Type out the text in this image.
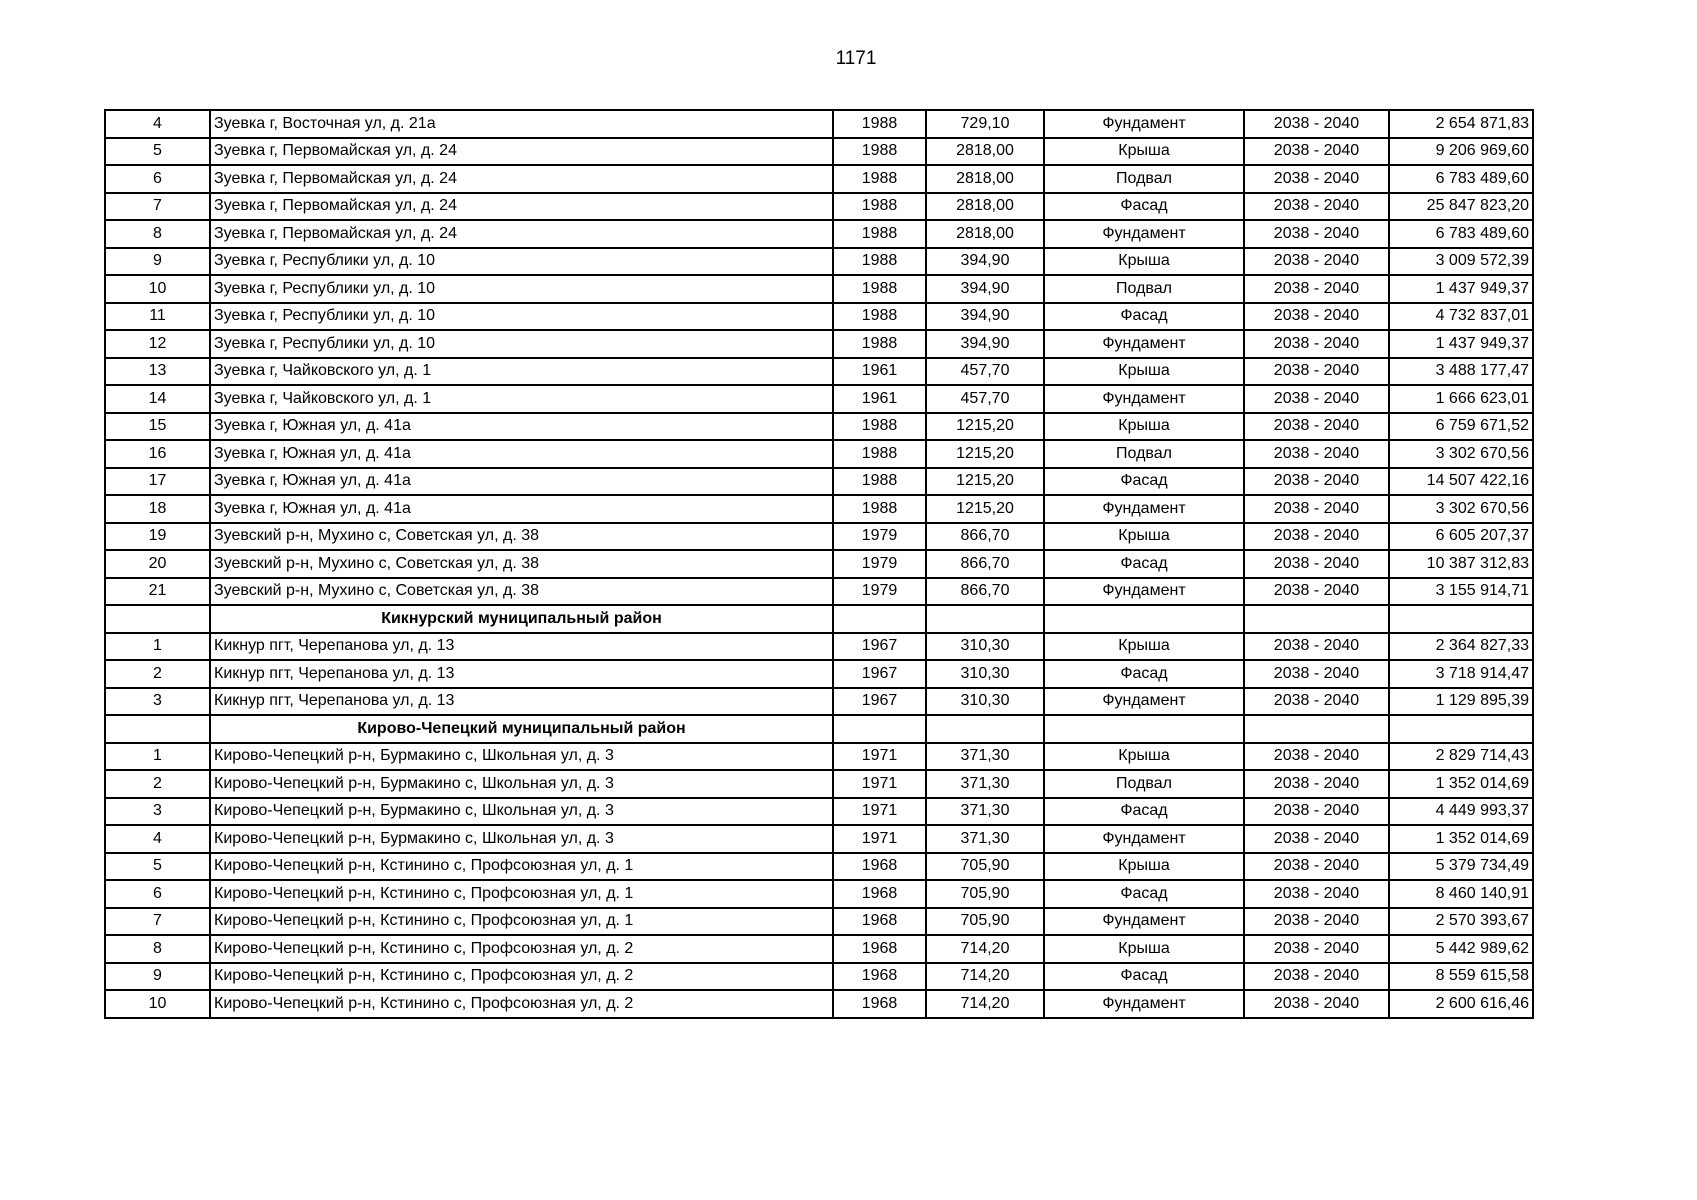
1171
4	Зуевка г, Восточная ул, д. 21а	1988	729,10	Фундамент	2038 - 2040	2 654 871,83
5	Зуевка г, Первомайская ул, д. 24	1988	2818,00	Крыша	2038 - 2040	9 206 969,60
6	Зуевка г, Первомайская ул, д. 24	1988	2818,00	Подвал	2038 - 2040	6 783 489,60
7	Зуевка г, Первомайская ул, д. 24	1988	2818,00	Фасад	2038 - 2040	25 847 823,20
8	Зуевка г, Первомайская ул, д. 24	1988	2818,00	Фундамент	2038 - 2040	6 783 489,60
9	Зуевка г, Республики ул, д. 10	1988	394,90	Крыша	2038 - 2040	3 009 572,39
10	Зуевка г, Республики ул, д. 10	1988	394,90	Подвал	2038 - 2040	1 437 949,37
11	Зуевка г, Республики ул, д. 10	1988	394,90	Фасад	2038 - 2040	4 732 837,01
12	Зуевка г, Республики ул, д. 10	1988	394,90	Фундамент	2038 - 2040	1 437 949,37
13	Зуевка г, Чайковского ул, д. 1	1961	457,70	Крыша	2038 - 2040	3 488 177,47
14	Зуевка г, Чайковского ул, д. 1	1961	457,70	Фундамент	2038 - 2040	1 666 623,01
15	Зуевка г, Южная ул, д. 41а	1988	1215,20	Крыша	2038 - 2040	6 759 671,52
16	Зуевка г, Южная ул, д. 41а	1988	1215,20	Подвал	2038 - 2040	3 302 670,56
17	Зуевка г, Южная ул, д. 41а	1988	1215,20	Фасад	2038 - 2040	14 507 422,16
18	Зуевка г, Южная ул, д. 41а	1988	1215,20	Фундамент	2038 - 2040	3 302 670,56
19	Зуевский р-н, Мухино с, Советская ул, д. 38	1979	866,70	Крыша	2038 - 2040	6 605 207,37
20	Зуевский р-н, Мухино с, Советская ул, д. 38	1979	866,70	Фасад	2038 - 2040	10 387 312,83
21	Зуевский р-н, Мухино с, Советская ул, д. 38	1979	866,70	Фундамент	2038 - 2040	3 155 914,71
	Кикнурский муниципальный район					
1	Кикнур пгт, Черепанова ул, д. 13	1967	310,30	Крыша	2038 - 2040	2 364 827,33
2	Кикнур пгт, Черепанова ул, д. 13	1967	310,30	Фасад	2038 - 2040	3 718 914,47
3	Кикнур пгт, Черепанова ул, д. 13	1967	310,30	Фундамент	2038 - 2040	1 129 895,39
	Кирово-Чепецкий муниципальный район					
1	Кирово-Чепецкий р-н, Бурмакино с, Школьная ул, д. 3	1971	371,30	Крыша	2038 - 2040	2 829 714,43
2	Кирово-Чепецкий р-н, Бурмакино с, Школьная ул, д. 3	1971	371,30	Подвал	2038 - 2040	1 352 014,69
3	Кирово-Чепецкий р-н, Бурмакино с, Школьная ул, д. 3	1971	371,30	Фасад	2038 - 2040	4 449 993,37
4	Кирово-Чепецкий р-н, Бурмакино с, Школьная ул, д. 3	1971	371,30	Фундамент	2038 - 2040	1 352 014,69
5	Кирово-Чепецкий р-н, Кстинино с, Профсоюзная ул, д. 1	1968	705,90	Крыша	2038 - 2040	5 379 734,49
6	Кирово-Чепецкий р-н, Кстинино с, Профсоюзная ул, д. 1	1968	705,90	Фасад	2038 - 2040	8 460 140,91
7	Кирово-Чепецкий р-н, Кстинино с, Профсоюзная ул, д. 1	1968	705,90	Фундамент	2038 - 2040	2 570 393,67
8	Кирово-Чепецкий р-н, Кстинино с, Профсоюзная ул, д. 2	1968	714,20	Крыша	2038 - 2040	5 442 989,62
9	Кирово-Чепецкий р-н, Кстинино с, Профсоюзная ул, д. 2	1968	714,20	Фасад	2038 - 2040	8 559 615,58
10	Кирово-Чепецкий р-н, Кстинино с, Профсоюзная ул, д. 2	1968	714,20	Фундамент	2038 - 2040	2 600 616,46
